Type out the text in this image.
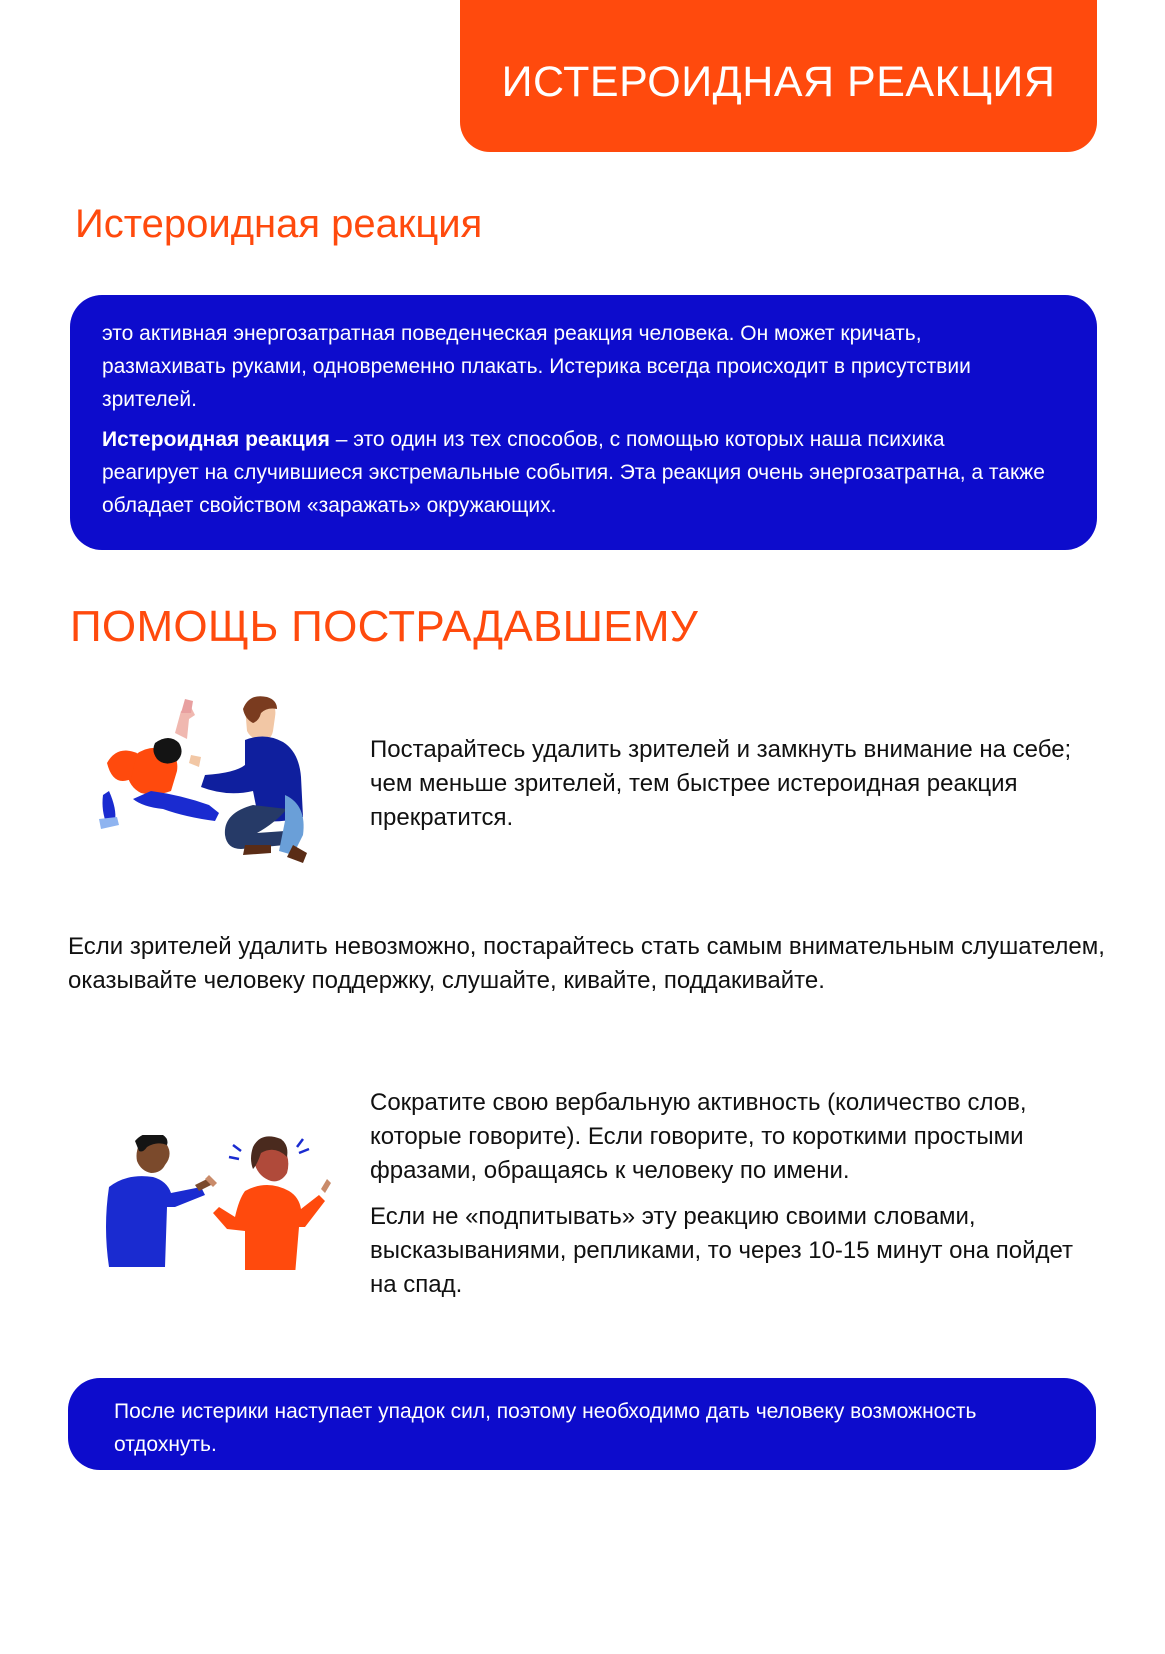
ИСТЕРОИДНАЯ РЕАКЦИЯ
Истероидная реакция

это активная энергозатратная поведенческая реакция человека. Он может кричать, размахивать руками, одновременно плакать. Истерика всегда происходит в присутствии зрителей.

Истероидная реакция – это один из тех способов, с помощью которых наша психика реагирует на случившиеся экстремальные события. Эта реакция очень энергозатратна, а также обладает свойством «заражать» окружающих.

ПОМОЩЬ ПОСТРАДАВШЕМУ

Постарайтесь удалить зрителей и замкнуть внимание на себе; чем меньше зрителей, тем быстрее истероидная реакция прекратится.

Если зрителей удалить невозможно, постарайтесь стать самым внимательным слушателем, оказывайте человеку поддержку, слушайте, кивайте, поддакивайте.

Сократите свою вербальную активность (количество слов, которые говорите). Если говорите, то короткими простыми фразами, обращаясь к человеку по имени.

Если не «подпитывать» эту реакцию своими словами, высказываниями, репликами, то через 10-15 минут она пойдет на спад.

После истерики наступает упадок сил, поэтому необходимо дать человеку возможность отдохнуть.
